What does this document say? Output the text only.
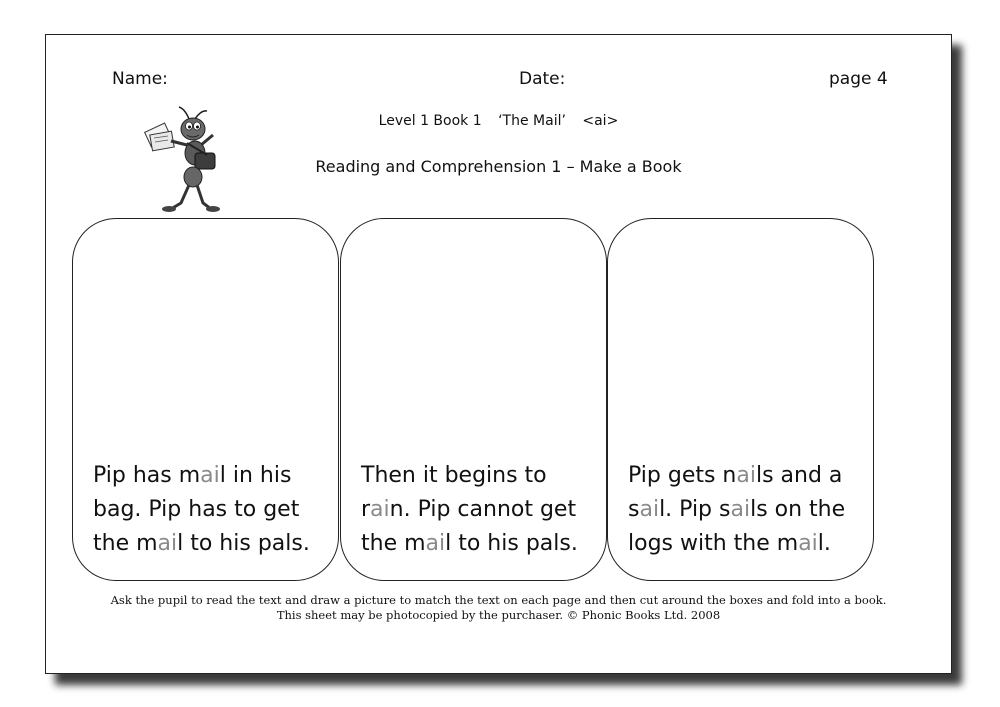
Name:	Date:	page 4
Level 1 Book 1 ‘The Mail’ <ai>
Reading and Comprehension 1 – Make a Book
Pip has mail in his bag. Pip has to get the mail to his pals.
Then it begins to rain. Pip cannot get the mail to his pals.
Pip gets nails and a sail. Pip sails on the logs with the mail.
Ask the pupil to read the text and draw a picture to match the text on each page and then cut around the boxes and fold into a book.
This sheet may be photocopied by the purchaser. © Phonic Books Ltd. 2008
